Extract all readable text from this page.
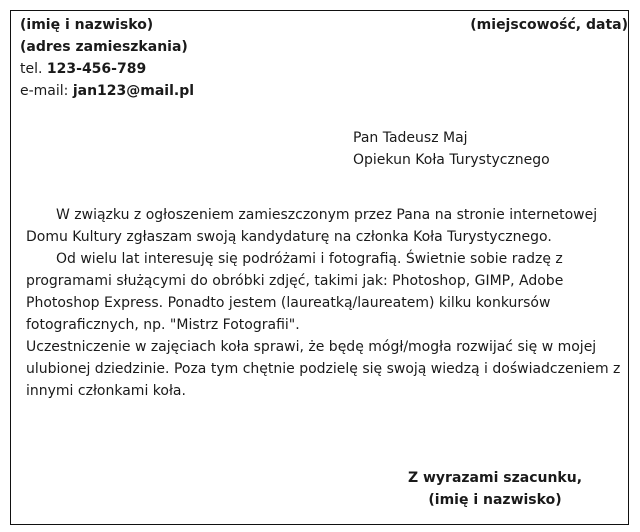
(imię i nazwisko)
(adres zamieszkania)
tel. 123-456-789
e-mail: jan123@mail.pl
(miejscowość, data)
Pan Tadeusz Maj
Opiekun Koła Turystycznego
W związku z ogłoszeniem zamieszczonym przez Pana na stronie internetowej
Domu Kultury zgłaszam swoją kandydaturę na członka Koła Turystycznego.
Od wielu lat interesuję się podróżami i fotografią. Świetnie sobie radzę z
programami służącymi do obróbki zdjęć, takimi jak: Photoshop, GIMP, Adobe
Photoshop Express. Ponadto jestem (laureatką/laureatem) kilku konkursów
fotograficznych, np. "Mistrz Fotografii".
Uczestniczenie w zajęciach koła sprawi, że będę mógł/mogła rozwijać się w mojej
ulubionej dziedzinie. Poza tym chętnie podzielę się swoją wiedzą i doświadczeniem z
innymi członkami koła.
Z wyrazami szacunku,
(imię i nazwisko)
